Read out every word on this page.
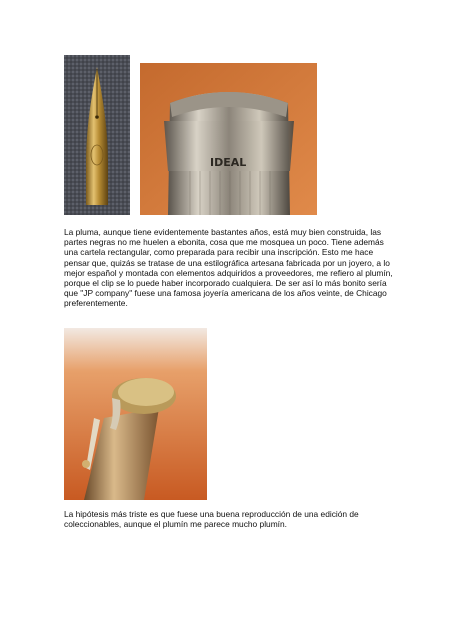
IDEAL

La pluma, aunque tiene evidentemente bastantes años, está muy bien construida, las partes negras no me huelen a ebonita, cosa que me mosquea un poco. Tiene además una cartela rectangular, como preparada para recibir una inscripción. Esto me hace pensar que, quizás se tratase de una estilográfica artesana fabricada por un joyero, a lo mejor español y montada con elementos adquiridos a proveedores, me refiero al plumín, porque el clip se lo puede haber incorporado cualquiera. De ser así lo más bonito sería que "JP company" fuese una famosa joyería americana de los años veinte, de Chicago preferentemente.

La hipótesis más triste es que fuese una buena reproducción de una edición de coleccionables, aunque el plumín me parece mucho plumín.
